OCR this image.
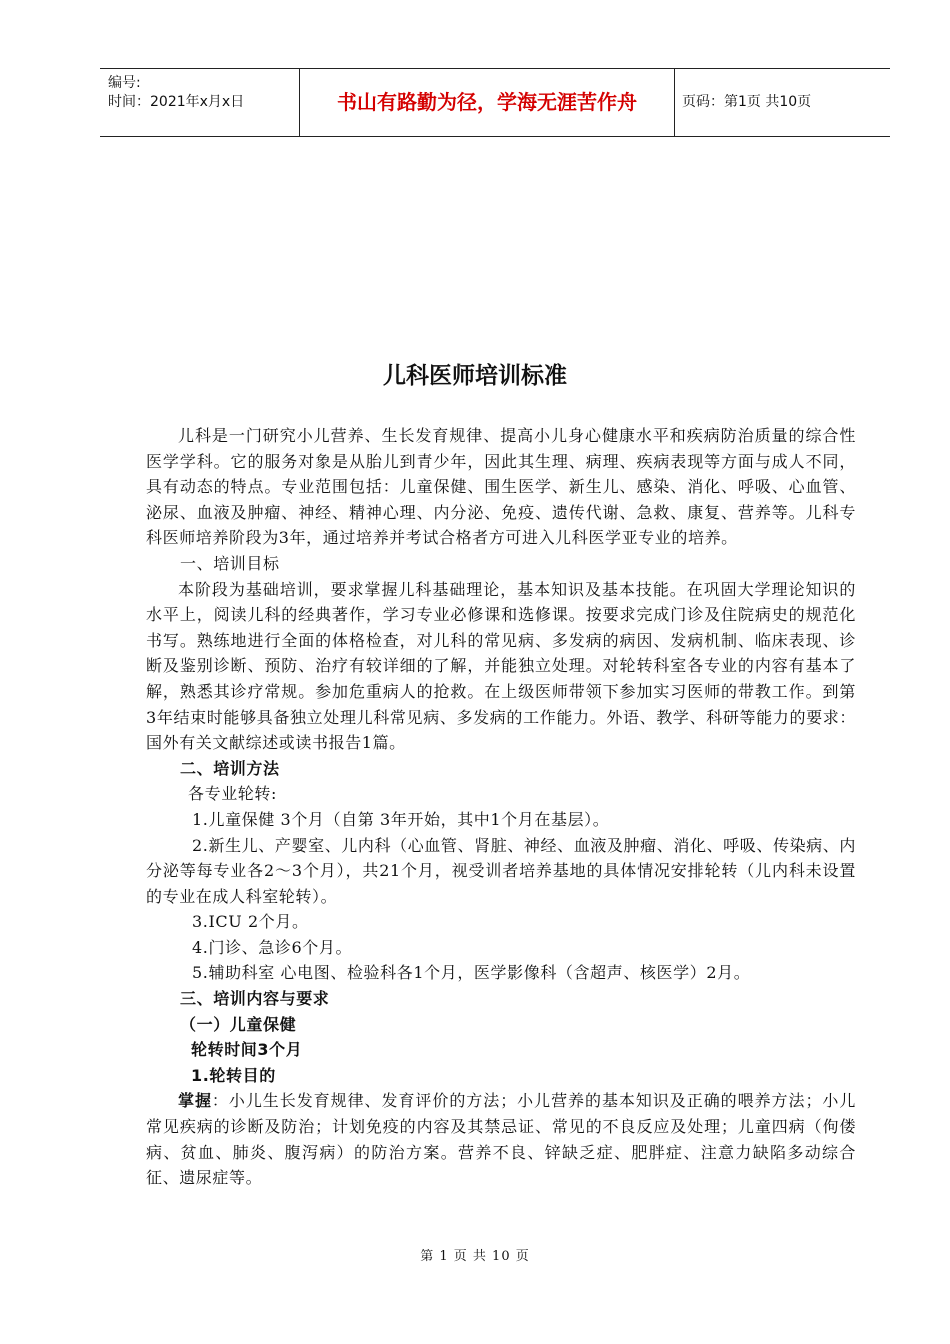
编号:
时间：2021年x月x日	书山有路勤为径，学海无涯苦作舟	页码：第1页 共10页
儿科医师培训标准

儿科是一门研究小儿营养、生长发育规律、提高小儿身心健康水平和疾病防治质量的综合性医学学科。它的服务对象是从胎儿到青少年，因此其生理、病理、疾病表现等方面与成人不同，具有动态的特点。专业范围包括：儿童保健、围生医学、新生儿、感染、消化、呼吸、心血管、泌尿、血液及肿瘤、神经、精神心理、内分泌、免疫、遗传代谢、急救、康复、营养等。儿科专科医师培养阶段为3年，通过培养并考试合格者方可进入儿科医学亚专业的培养。

一、培训目标

本阶段为基础培训，要求掌握儿科基础理论，基本知识及基本技能。在巩固大学理论知识的水平上，阅读儿科的经典著作，学习专业必修课和选修课。按要求完成门诊及住院病史的规范化书写。熟练地进行全面的体格检查，对儿科的常见病、多发病的病因、发病机制、临床表现、诊断及鉴别诊断、预防、治疗有较详细的了解，并能独立处理。对轮转科室各专业的内容有基本了解，熟悉其诊疗常规。参加危重病人的抢救。在上级医师带领下参加实习医师的带教工作。到第 3年结束时能够具备独立处理儿科常见病、多发病的工作能力。外语、教学、科研等能力的要求：国外有关文献综述或读书报告1篇。

二、培训方法

各专业轮转:

1.儿童保健 3个月（自第 3年开始，其中1个月在基层）。

2.新生儿、产婴室、儿内科（心血管、肾脏、神经、血液及肿瘤、消化、呼吸、传染病、内分泌等每专业各2～3个月），共21个月，视受训者培养基地的具体情况安排轮转（儿内科未设置的专业在成人科室轮转）。

3.ICU 2个月。

4.门诊、急诊6个月。

5.辅助科室 心电图、检验科各1个月，医学影像科（含超声、核医学）2月。

三、培训内容与要求

（一）儿童保健

轮转时间3个月

1.轮转目的

掌握：小儿生长发育规律、发育评价的方法；小儿营养的基本知识及正确的喂养方法；小儿常见疾病的诊断及防治；计划免疫的内容及其禁忌证、常见的不良反应及处理；儿童四病（佝偻病、贫血、肺炎、腹泻病）的防治方案。营养不良、锌缺乏症、肥胖症、注意力缺陷多动综合征、遗尿症等。

第 1 页 共 10 页
